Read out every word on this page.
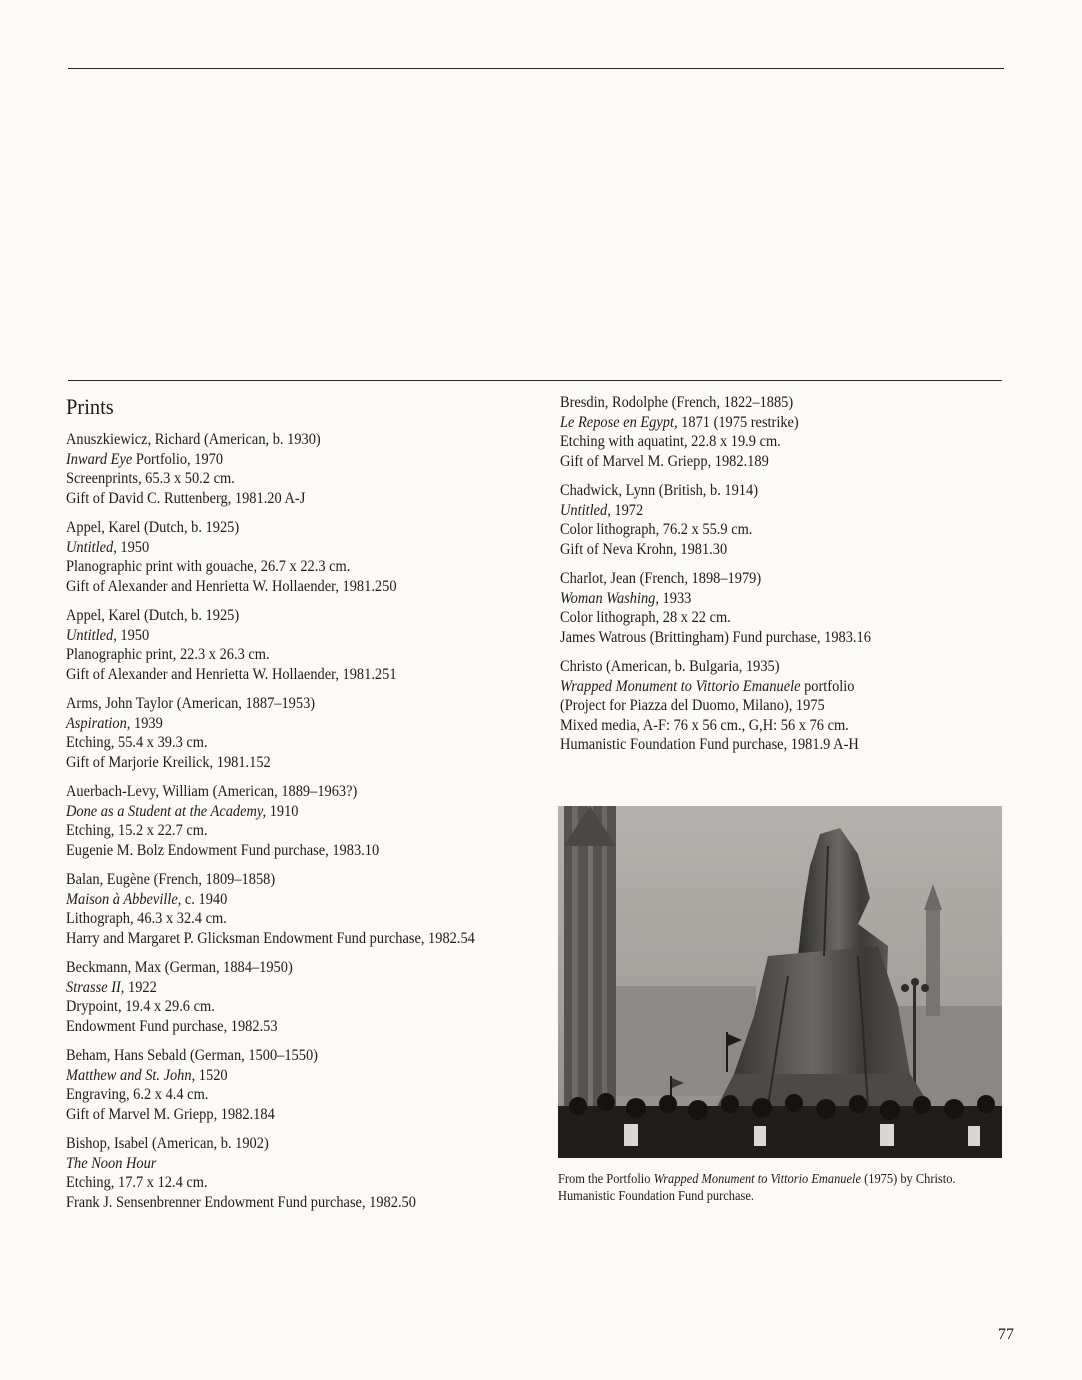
Prints
Anuszkiewicz, Richard (American, b. 1930)
Inward Eye Portfolio, 1970
Screenprints, 65.3 x 50.2 cm.
Gift of David C. Ruttenberg, 1981.20 A-J
Appel, Karel (Dutch, b. 1925)
Untitled, 1950
Planographic print with gouache, 26.7 x 22.3 cm.
Gift of Alexander and Henrietta W. Hollaender, 1981.250
Appel, Karel (Dutch, b. 1925)
Untitled, 1950
Planographic print, 22.3 x 26.3 cm.
Gift of Alexander and Henrietta W. Hollaender, 1981.251
Arms, John Taylor (American, 1887–1953)
Aspiration, 1939
Etching, 55.4 x 39.3 cm.
Gift of Marjorie Kreilick, 1981.152
Auerbach-Levy, William (American, 1889–1963?)
Done as a Student at the Academy, 1910
Etching, 15.2 x 22.7 cm.
Eugenie M. Bolz Endowment Fund purchase, 1983.10
Balan, Eugène (French, 1809–1858)
Maison à Abbeville, c. 1940
Lithograph, 46.3 x 32.4 cm.
Harry and Margaret P. Glicksman Endowment Fund purchase, 1982.54
Beckmann, Max (German, 1884–1950)
Strasse II, 1922
Drypoint, 19.4 x 29.6 cm.
Endowment Fund purchase, 1982.53
Beham, Hans Sebald (German, 1500–1550)
Matthew and St. John, 1520
Engraving, 6.2 x 4.4 cm.
Gift of Marvel M. Griepp, 1982.184
Bishop, Isabel (American, b. 1902)
The Noon Hour
Etching, 17.7 x 12.4 cm.
Frank J. Sensenbrenner Endowment Fund purchase, 1982.50
Bresdin, Rodolphe (French, 1822–1885)
Le Repose en Egypt, 1871 (1975 restrike)
Etching with aquatint, 22.8 x 19.9 cm.
Gift of Marvel M. Griepp, 1982.189
Chadwick, Lynn (British, b. 1914)
Untitled, 1972
Color lithograph, 76.2 x 55.9 cm.
Gift of Neva Krohn, 1981.30
Charlot, Jean (French, 1898–1979)
Woman Washing, 1933
Color lithograph, 28 x 22 cm.
James Watrous (Brittingham) Fund purchase, 1983.16
Christo (American, b. Bulgaria, 1935)
Wrapped Monument to Vittorio Emanuele portfolio
(Project for Piazza del Duomo, Milano), 1975
Mixed media, A-F: 76 x 56 cm., G,H: 56 x 76 cm.
Humanistic Foundation Fund purchase, 1981.9 A-H
From the Portfolio Wrapped Monument to Vittorio Emanuele (1975) by Christo. Humanistic Foundation Fund purchase.
77
